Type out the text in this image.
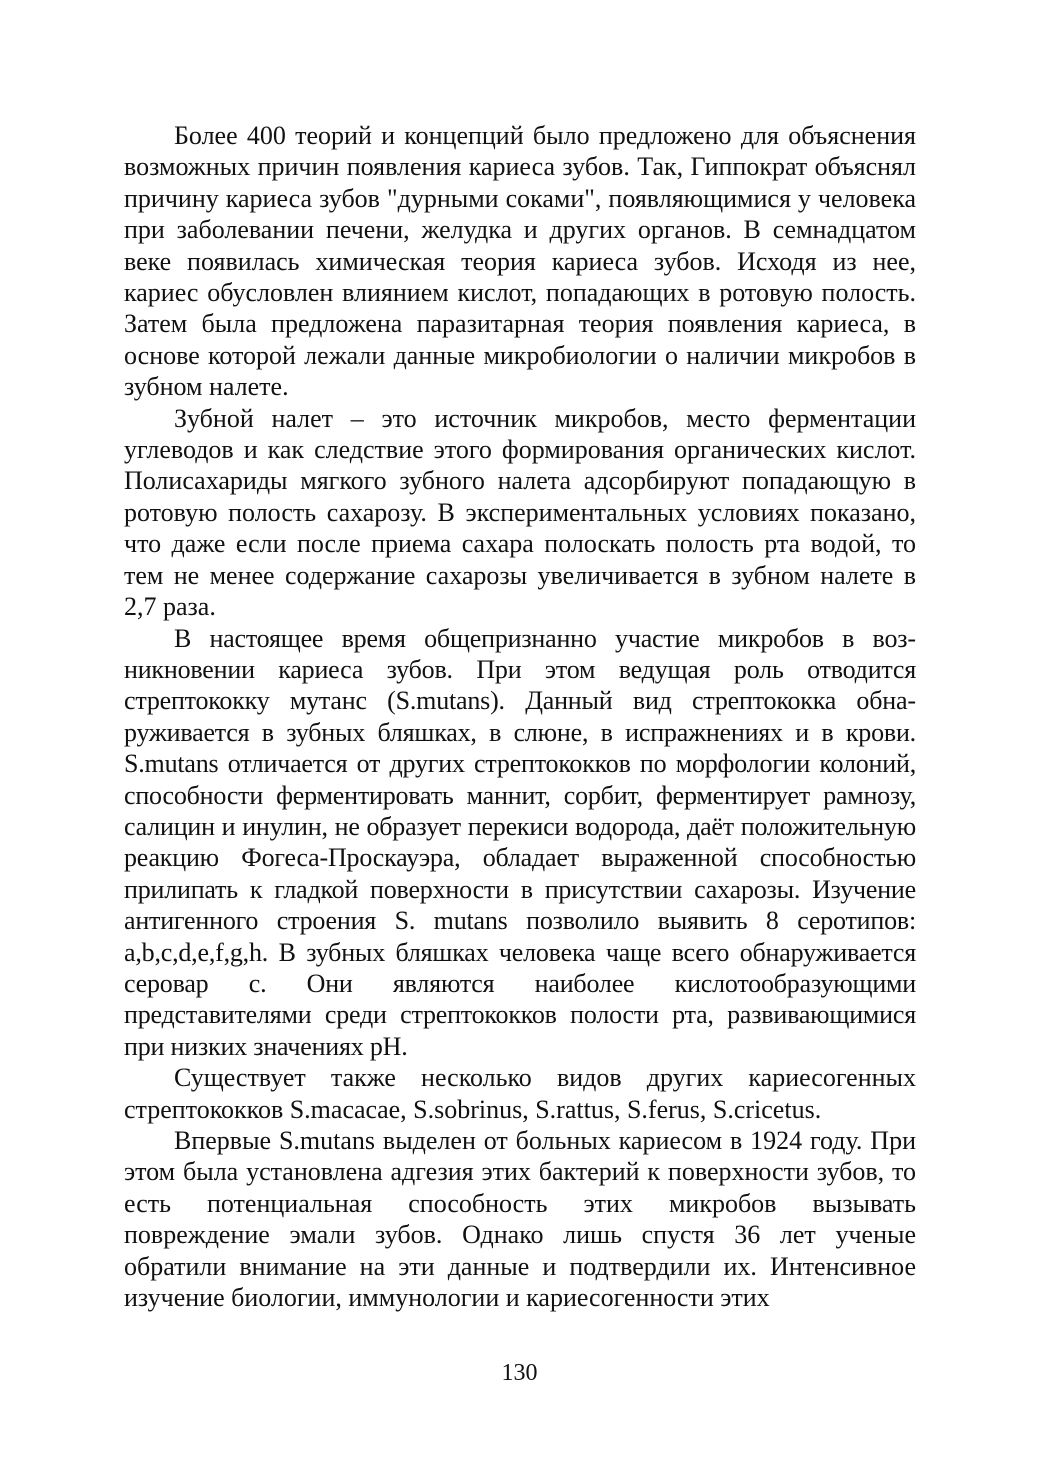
Более 400 теорий и концепций было предложено для объяснения возможных причин появления кариеса зубов. Так, Гиппократ объяснял причину кариеса зубов "дурными соками", появляющимися у человека при заболевании печени, желудка и других органов. В семнадцатом веке появилась химическая теория кариеса зубов. Исходя из нее, кариес обусловлен влиянием кислот, попадающих в ротовую полость. Затем была предложена паразитарная теория появления кариеса, в основе которой лежали данные микробиологии о наличии микробов в зубном налете.

Зубной налет – это источник микробов, место ферментации углеводов и как следствие этого формирования органических кислот. Полисахариды мягкого зубного налета адсорбируют попадающую в ротовую полость сахарозу. В экспериментальных условиях показано, что даже если после приема сахара полоскать полость рта водой, то тем не менее содержание сахарозы увеличивается в зубном налете в 2,7 раза.

В настоящее время общепризнанно участие микробов в возникновении кариеса зубов. При этом ведущая роль отводится стрептококку мутанс (S.mutans). Данный вид стрептококка обнаруживается в зубных бляшках, в слюне, в испражнениях и в крови. S.mutans отличается от других стрептококков по морфологии колоний, способности ферментировать маннит, сорбит, ферментирует рамнозу, салицин и инулин, не образует перекиси водорода, даёт положительную реакцию Фогеса-Проскауэра, обладает выраженной способностью прилипать к гладкой поверхности в присутствии сахарозы. Изучение антигенного строения S. mutans позволило выявить 8 серотипов: a,b,c,d,e,f,g,h. В зубных бляшках человека чаще всего обнаруживается серовар с. Они являются наиболее кислотообразующими представителями среди стрептококков полости рта, развивающимися при низких значениях pH.

Существует также несколько видов других кариесогенных стрептококков S.macacae, S.sobrinus, S.rattus, S.ferus, S.cricetus.

Впервые S.mutans выделен от больных кариесом в 1924 году. При этом была установлена адгезия этих бактерий к поверхности зубов, то есть потенциальная способность этих микробов вызывать повреждение эмали зубов. Однако лишь спустя 36 лет ученые обратили внимание на эти данные и подтвердили их. Интенсивное изучение биологии, иммунологии и кариесогенности этих

130
